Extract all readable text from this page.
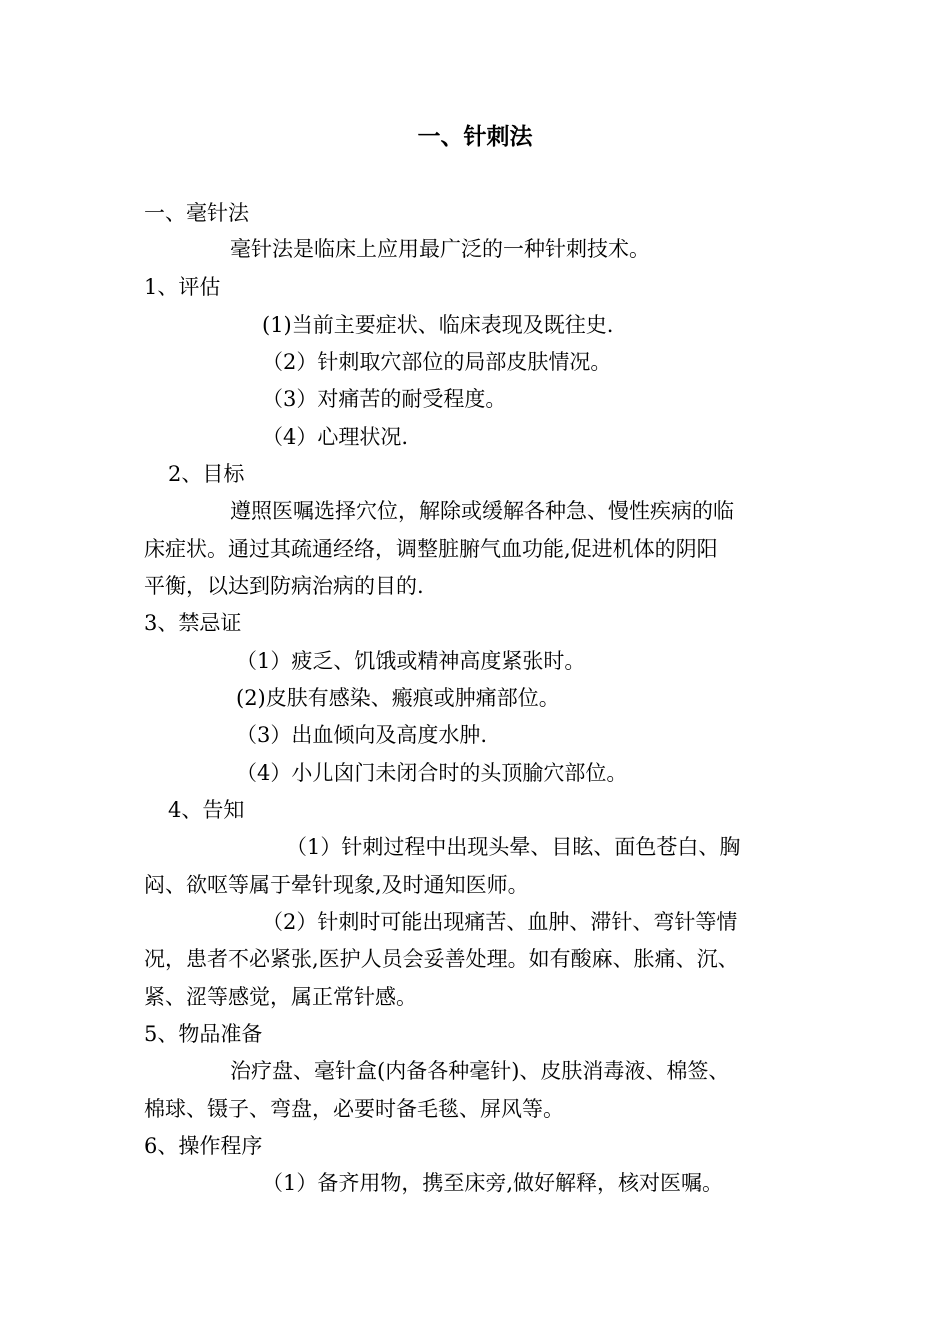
一、针刺法
一、毫针法
毫针法是临床上应用最广泛的一种针刺技术。
1、评估
(1)当前主要症状、临床表现及既往史.
（2）针刺取穴部位的局部皮肤情况。
（3）对痛苦的耐受程度。
（4）心理状况.
2、目标
遵照医嘱选择穴位，解除或缓解各种急、慢性疾病的临
床症状。通过其疏通经络，调整脏腑气血功能,促进机体的阴阳
平衡，以达到防病治病的目的.
3、禁忌证
（1）疲乏、饥饿或精神高度紧张时。
(2)皮肤有感染、瘢痕或肿痛部位。
（3）出血倾向及高度水肿.
（4）小儿囟门未闭合时的头顶腧穴部位。
4、告知
（1）针刺过程中出现头晕、目眩、面色苍白、胸
闷、欲呕等属于晕针现象,及时通知医师。
（2）针刺时可能出现痛苦、血肿、滞针、弯针等情
况，患者不必紧张,医护人员会妥善处理。如有酸麻、胀痛、沉、
紧、涩等感觉，属正常针感。
5、物品准备
治疗盘、毫针盒(内备各种毫针)、皮肤消毒液、棉签、
棉球、镊子、弯盘，必要时备毛毯、屏风等。
6、操作程序
（1）备齐用物，携至床旁,做好解释，核对医嘱。
